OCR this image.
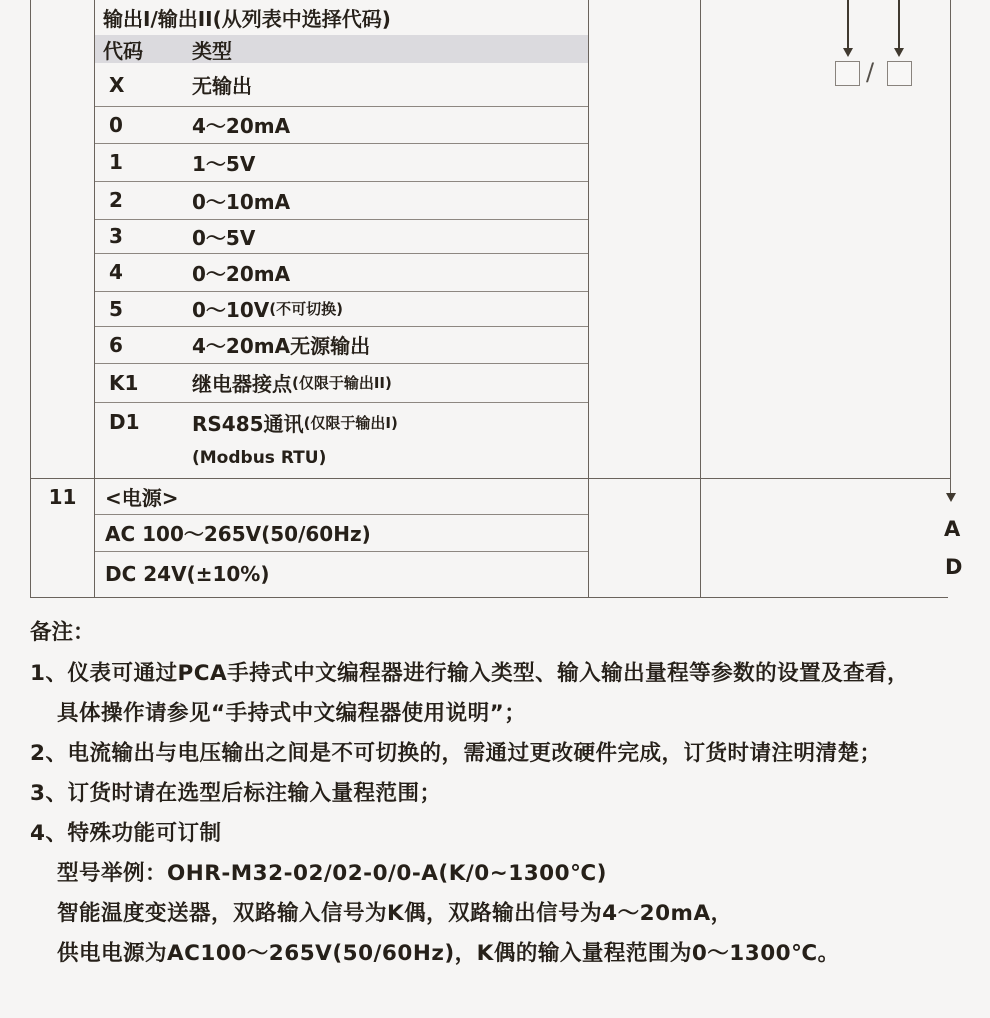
输出I/输出II(从列表中选择代码)
代码	类型
X	无输出
0	4～20mA
1	1～5V
2	0～10mA
3	0～5V
4	0～20mA
5	0～10V (不可切换)
6	4～20mA无源输出
K1	继电器接点 (仅限于输出II)
D1	RS485通讯 (仅限于输出I)
(Modbus RTU)
11	<电源>
AC 100～265V(50/60Hz)
DC 24V(±10%)
/
A
D
备注：
1、仪表可通过PCA手持式中文编程器进行输入类型、输入输出量程等参数的设置及查看，
具体操作请参见“手持式中文编程器使用说明”；
2、电流输出与电压输出之间是不可切换的，需通过更改硬件完成，订货时请注明清楚；
3、订货时请在选型后标注输入量程范围；
4、特殊功能可订制
型号举例：OHR-M32-02/02-0/0-A(K/0~1300℃)
智能温度变送器，双路输入信号为K偶，双路输出信号为4～20mA，
供电电源为AC100～265V(50/60Hz)，K偶的输入量程范围为0～1300℃。
